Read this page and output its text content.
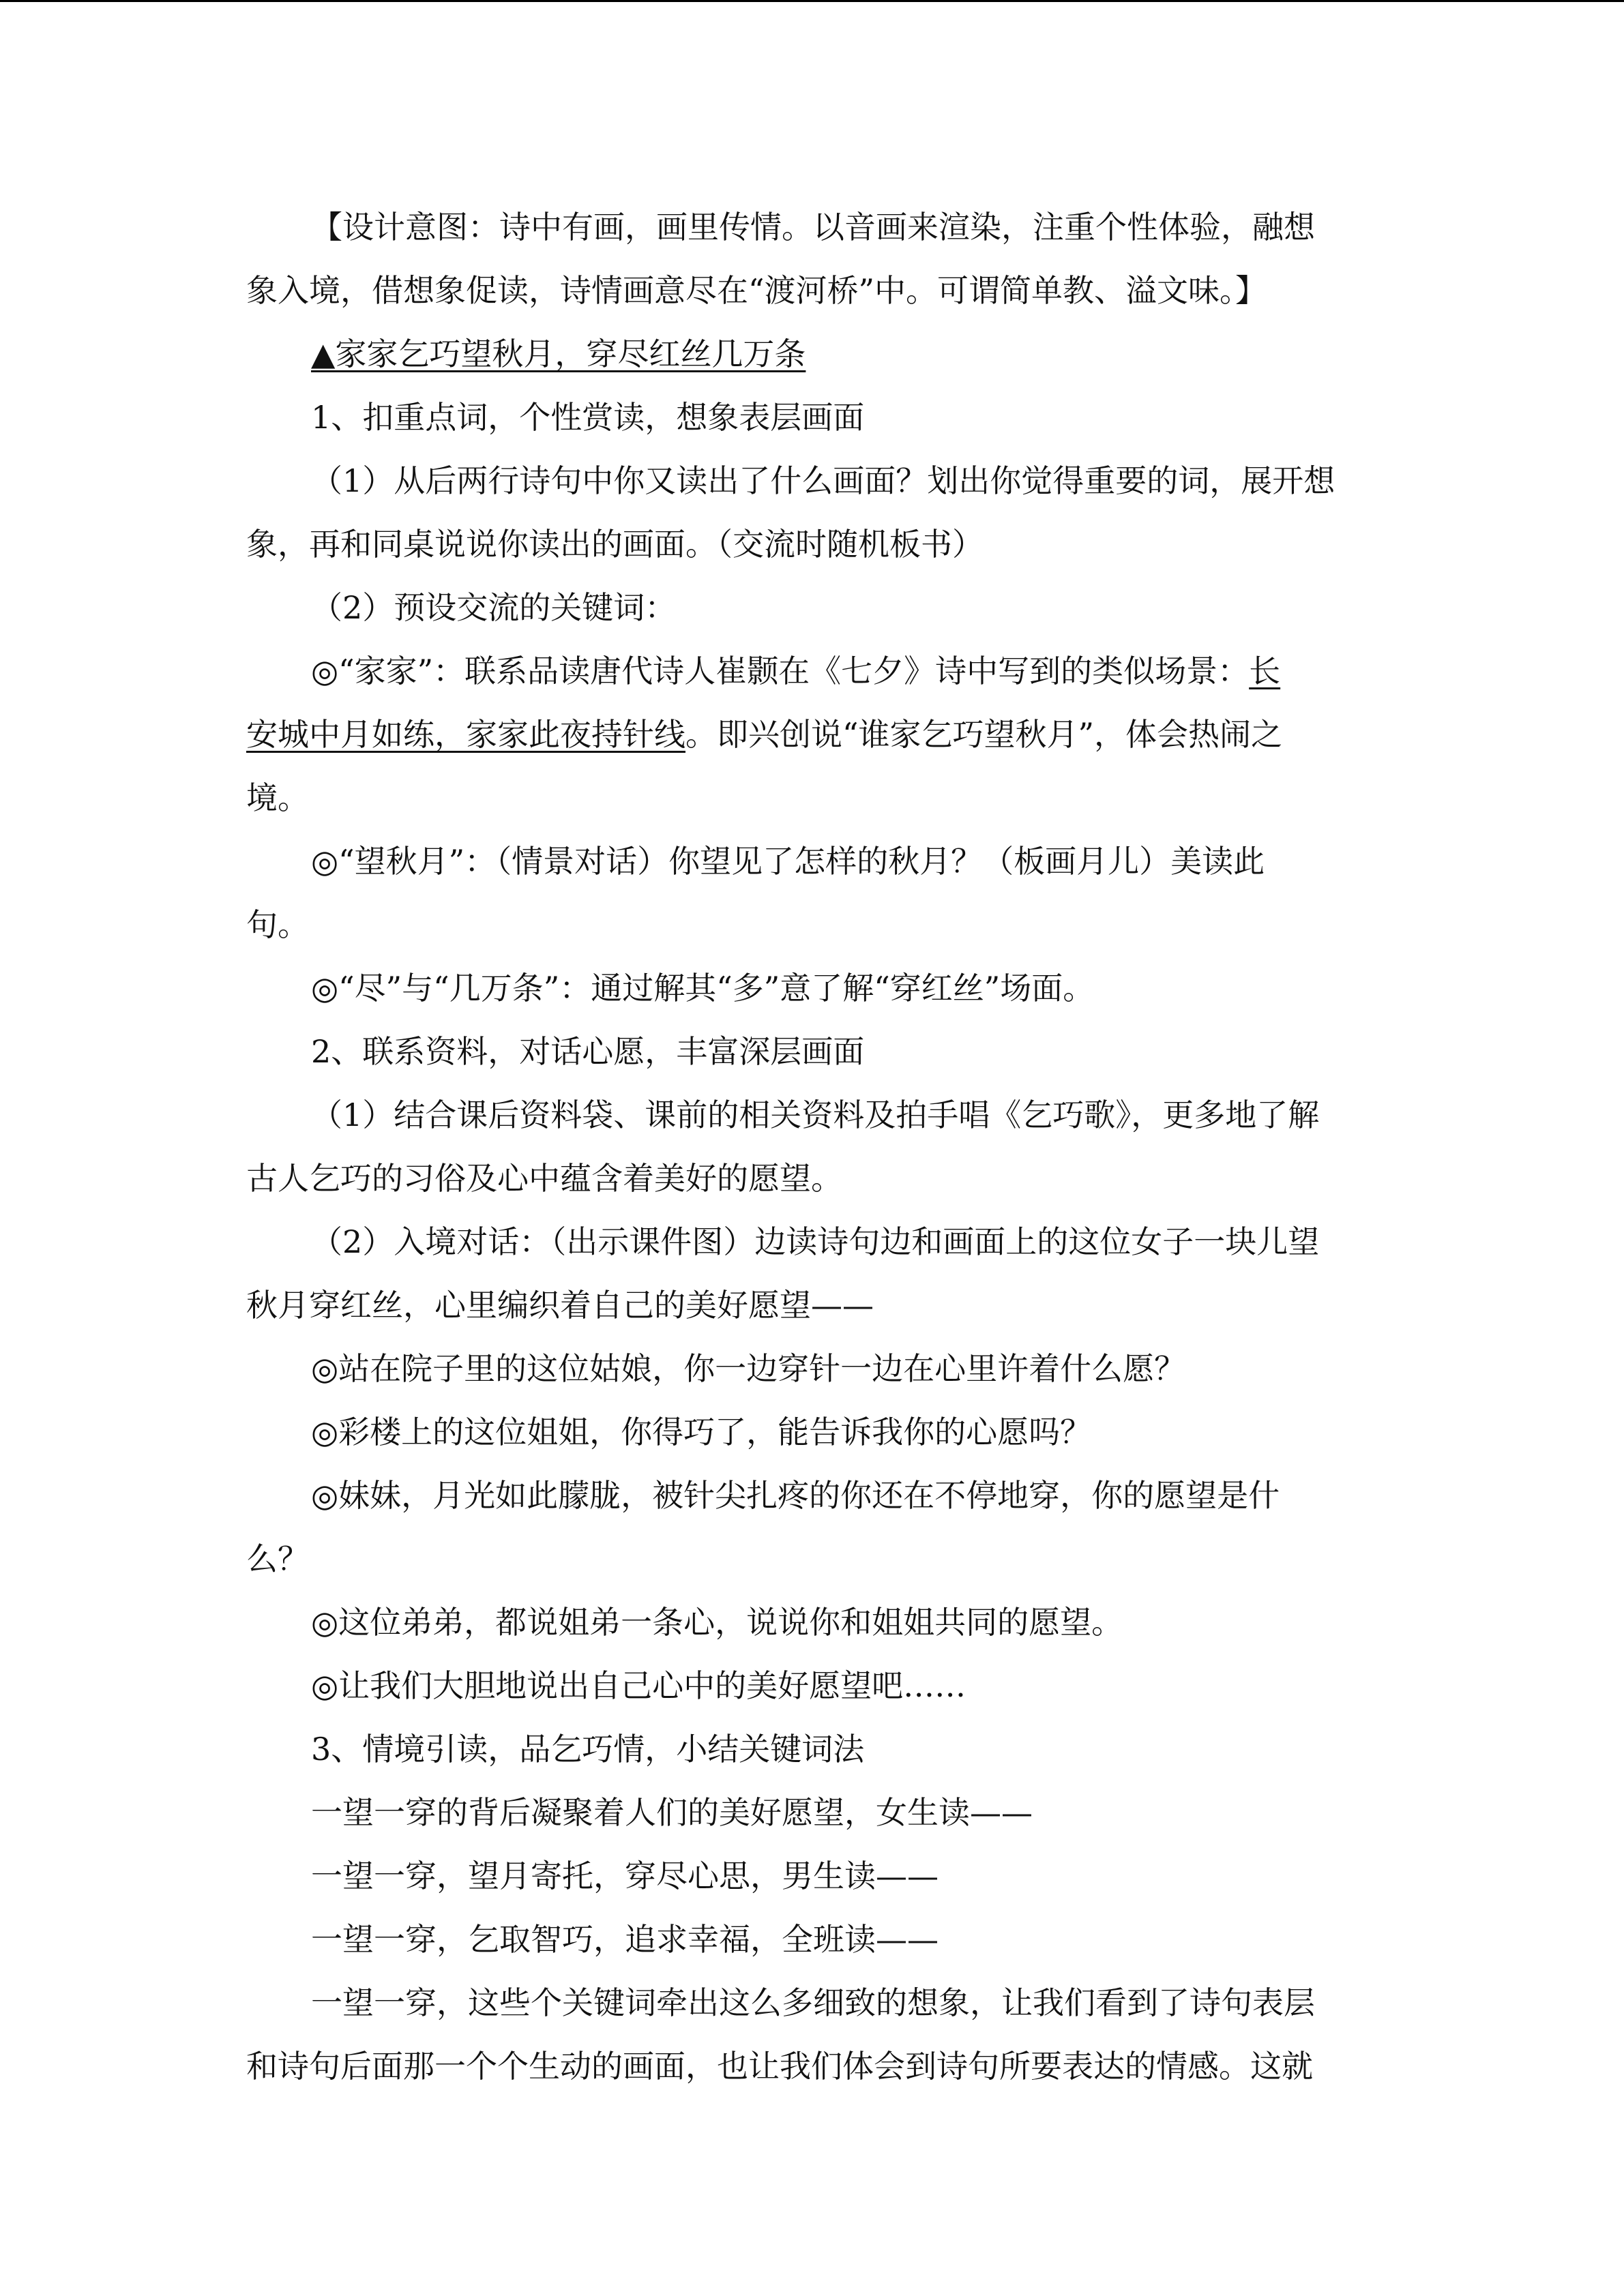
【设计意图：诗中有画，画里传情。以音画来渲染，注重个性体验，融想
象入境，借想象促读，诗情画意尽在“渡河桥”中。可谓简单教、溢文味。】
▲家家乞巧望秋月，穿尽红丝几万条
1、扣重点词，个性赏读，想象表层画面
（1）从后两行诗句中你又读出了什么画面？划出你觉得重要的词，展开想
象，再和同桌说说你读出的画面。（交流时随机板书）
（2）预设交流的关键词：
◎“家家”：联系品读唐代诗人崔颢在《七夕》诗中写到的类似场景：长
安城中月如练，家家此夜持针线。即兴创说“谁家乞巧望秋月”，体会热闹之
境。
◎“望秋月”：（情景对话）你望见了怎样的秋月？（板画月儿）美读此
句。
◎“尽”与“几万条”：通过解其“多”意了解“穿红丝”场面。
2、联系资料，对话心愿，丰富深层画面
（1）结合课后资料袋、课前的相关资料及拍手唱《乞巧歌》，更多地了解
古人乞巧的习俗及心中蕴含着美好的愿望。
（2）入境对话：（出示课件图）边读诗句边和画面上的这位女子一块儿望
秋月穿红丝，心里编织着自己的美好愿望——
◎站在院子里的这位姑娘，你一边穿针一边在心里许着什么愿？
◎彩楼上的这位姐姐，你得巧了，能告诉我你的心愿吗？
◎妹妹，月光如此朦胧，被针尖扎疼的你还在不停地穿，你的愿望是什
么？
◎这位弟弟，都说姐弟一条心，说说你和姐姐共同的愿望。
◎让我们大胆地说出自己心中的美好愿望吧……
3、情境引读，品乞巧情，小结关键词法
一望一穿的背后凝聚着人们的美好愿望，女生读——
一望一穿，望月寄托，穿尽心思，男生读——
一望一穿，乞取智巧，追求幸福，全班读——
一望一穿，这些个关键词牵出这么多细致的想象，让我们看到了诗句表层
和诗句后面那一个个生动的画面，也让我们体会到诗句所要表达的情感。这就
